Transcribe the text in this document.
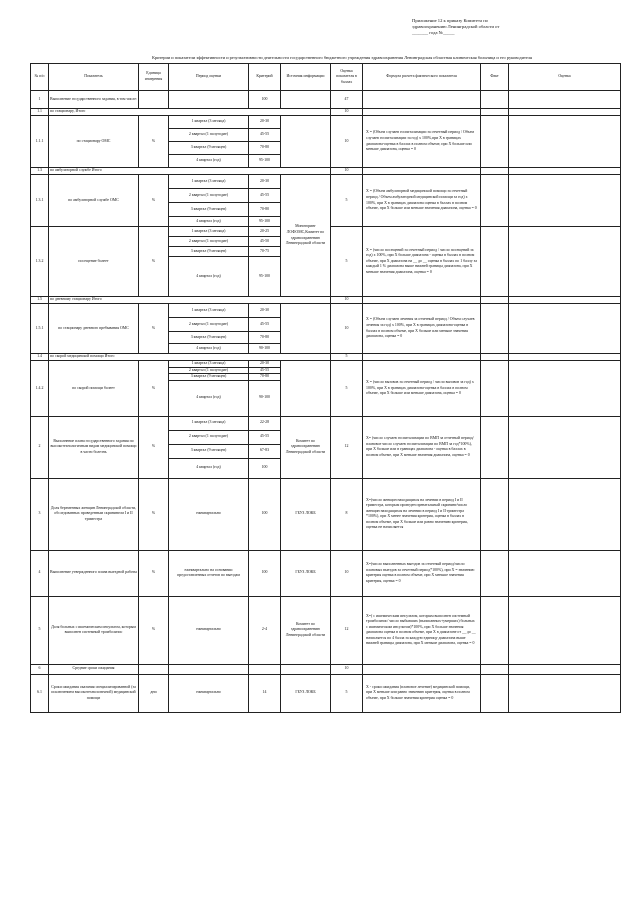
Приложение 12 к приказу Комитета по
здравоохранению Ленинградской области от
_______ года №_____
Критерии и показатели эффективности и результативности деятельности государственного бюджетного учреждения здравоохранения Ленинградская областная клиническая больница и его руководителя
№ п/п	Показатель	Единица измерения	Период оценки	Критерий	Источник информации	Оценка показателя в баллах	Формула расчета фактического показателя	Факт	Оценка
1	Выполнение государственного задания, в том числе:			100		47			
1.1	по стационару, Итого					10			
1.1.1	по стационару ОМС	%	1 квартал (3 месяца)	20-30		10	Х = (Объем случаев госпитализации за отчетный период / Объем случаев госпитализации за год) х 100%,при Х в границах диапазона-оценка в баллах в полном объеме, при Х больше или меньше диапазона, оценка = 0		
			2 квартал (1 полугодие)	45-55					
			3 квартал (9 месяцев)	70-80					
			4 квартал (год)	95-100					
1.3	по амбулаторной службе Итого					10			
1.3.1	по амбулаторной службе ОМС	%	1 квартал (3 месяца)	20-30	Мониторинг ЛОФОМС,Комитет по здравоохранению Ленинградской области	5	Х = (Объем амбулаторной медицинской помощи за отчетный период / Объем амбулаторной медицинской помощи за год) х 100%, при Х в границах диапазона оценка в баллах в полном объеме, при Х больше или меньше значения диапазона, оценка = 0		
			2 квартал (1 полугодие)	45-55					
			3 квартал (9 месяцев)	70-80					
			4 квартал (год)	95-100					
1.3.2	посещение болеет	%	1 квартал (3 месяца)	20-25		5	Х = (число посещений за отчетный период / число посещений за год) х 100%, при Х больше диапазона - оценка в баллах в полном объеме, при Х диапазона на __ до __ оценка в баллах по 1 баллу за каждый 1 % диапазона выше нижней границы диапазона, при Х меньше значения диапазона, оценка = 0		
			2 квартал (1 полугодие)	45-50					
			3 квартал (9 месяцев)	70-75					
			4 квартал (год)	95-100					
1.5	по дневному стационару Итого					10			
1.5.1	по стационару дневного пребывания ОМС	%	1 квартал (3 месяца)	20-30		10	Х = (Объем случаев лечения за отчетный период / Объем случаев лечения за год) х 100%, при Х в границах диапазона-оценка в баллах в полном объеме, при Х больше или меньше значения диапазона, оценка = 0		
			2 квартал (1 полугодие)	45-55					
			3 квартал (9 месяцев)	70-80					
			4 квартал (год)	90-100					
1.4	по скорой медицинской помощи Итого					5			
1.4.2	по скорой помощи болеет	%	1 квартал (3 месяца)	20-30		5	Х = (число вызовов за отчетный период / число вызовов за год) х 100%, при Х в границах диапазона-оценка в баллах в полном объеме, при Х больше или меньше диапазона, оценка = 0		
			2 квартал (1 полугодие)	45-55					
			3 квартал (9 месяцев)	70-80					
			4 квартал (год)	90-100					
2	Выполнение плана государственного задания по высокотехнологичным видам медицинской помощи в части болезнь	%	1 квартал (3 месяца)	22-28	Комитет по здравоохранению Ленинградской области	12	Х= (число случаев госпитализации по ВМП за отчетный период/плановое число случаев госпитализации по ВМП за год*100%), при Х больше или в границах диапазона - оценка в баллах в полном объеме, при Х меньше значения диапазона, оценка = 0		
			2 квартал (1 полугодие)	45-55					
			3 квартал (9 месяцев)	67-83					
			4 квартал (год)	100					
3	Доля беременных женщин Ленинградской области, обследованных проведенным скринингом I и II триместра	%	ежеквартально	100	ГБУЗ ЛОКБ	8	Х=(число женщин находящихся на лечении в период I и II триместра, которым проведен пренатальный скрининг/число женщин находящихся на лечении в период I и II триместра *100%), при Х менее значения критерия, оценка в баллах в полном объеме, при Х больше или равно значению критерия, оценка не начисляется		
4	Выполнение утвержденного плана выездной работы	%	ежеквартально на основании предоставленных отчетов по выездам	100	ГБУЗ ЛОКБ	10	Х=(число выполненных выездов за отчетный период/число плановых выездов за отчетный период*100%), при Х = значению критерия оценка в полном объеме, при Х меньше значения критерия, оценка = 0		
5	Доля больных с ишемическим инсультом, которым выполнен системный тромболизис	%	ежеквартально	2-4	Комитет по здравоохранению Ленинградской области	12	Х=( с ишемическим инсультом, которым выполнен системный тромболизис/ число выбывших (выписанных+умерших) больных с ишемическим инсультом)*100%, при Х больше значения диапазона оценка в полном объеме, при Х в диапазоне от __ до __ начисляется по 4 балла за каждую единицу диапазона выше нижней границы диапазона, при Х меньше диапазона, оценка = 0		
6	Средние сроки ожидания					10			
6.1	Сроки ожидания оказания специализированной (за исключением высокотехнологичной) медицинской помощи	дни	ежеквартально	14	ГБУЗ ЛОКБ	5	Х - сроки ожидания (плановое лечение) медицинской помощи, при Х меньше или равно значению критерия, оценка в полном объеме, при Х больше значения критерия оценка = 0		
